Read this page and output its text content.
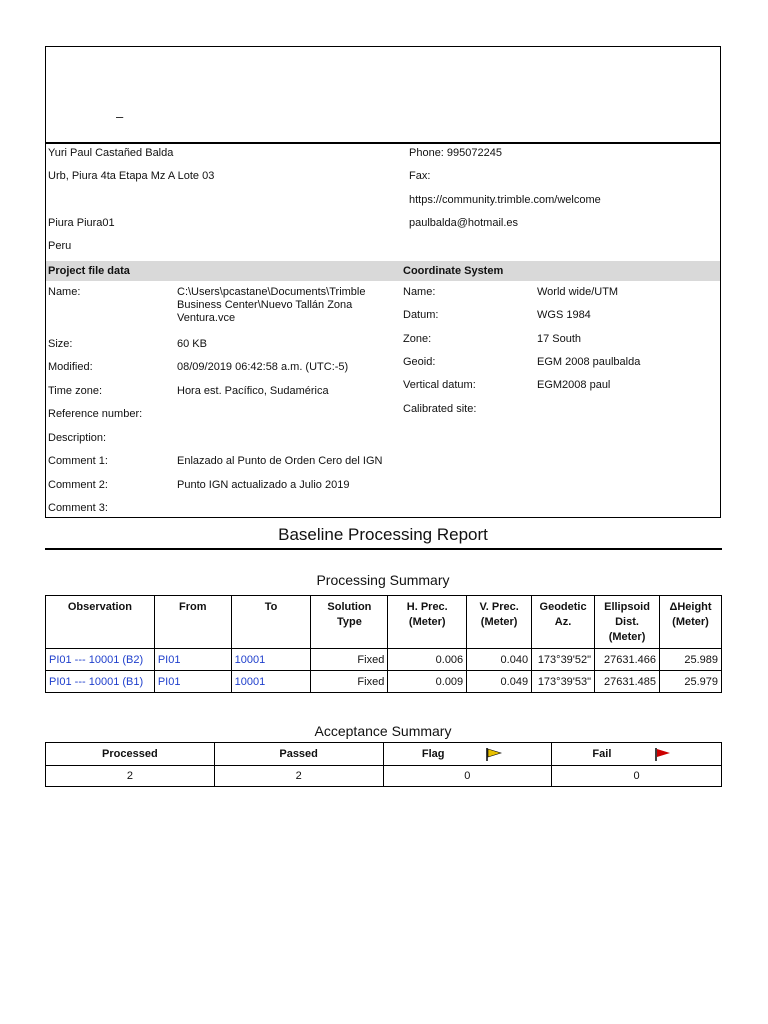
–
Yuri Paul Castañed Balda
Urb, Piura 4ta Etapa Mz A Lote 03
Piura Piura01
Peru
Phone: 995072245
Fax:
https://community.trimble.com/welcome
paulbalda@hotmail.es
Project file data	Coordinate System
Name:	C:\Users\pcastane\Documents\Trimble Business Center\Nuevo Tallán Zona Ventura.vce
Size:	60 KB
Modified:	08/09/2019 06:42:58 a.m. (UTC:-5)
Time zone:	Hora est. Pacífico, Sudamérica
Reference number:
Description:
Comment 1:	Enlazado al Punto de Orden Cero del IGN
Comment 2:	Punto IGN actualizado a Julio 2019
Comment 3:
Name:	World wide/UTM
Datum:	WGS 1984
Zone:	17 South
Geoid:	EGM 2008 paulbalda
Vertical datum:	EGM2008 paul
Calibrated site:
Baseline Processing Report
Processing Summary
Observation	From	To	Solution Type	H. Prec. (Meter)	V. Prec. (Meter)	Geodetic Az.	Ellipsoid Dist. (Meter)	ΔHeight (Meter)
PI01 --- 10001 (B2)	PI01	10001	Fixed	0.006	0.040	173°39'52"	27631.466	25.989
PI01 --- 10001 (B1)	PI01	10001	Fixed	0.009	0.049	173°39'53"	27631.485	25.979
Acceptance Summary
Processed	Passed	Flag		Fail	
2	2	0		0	
